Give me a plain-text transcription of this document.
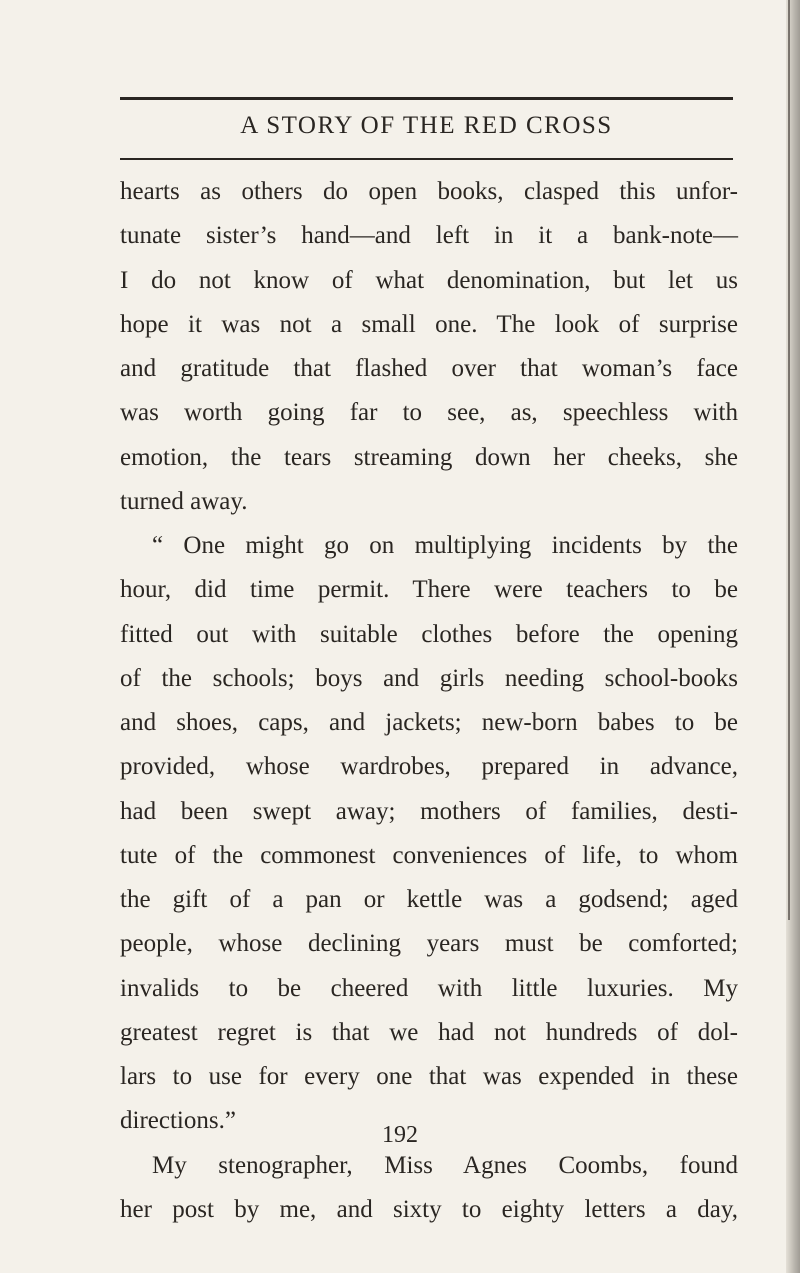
A STORY OF THE RED CROSS
hearts as others do open books, clasped this unfor-
tunate sister’s hand—and left in it a bank-note—
I do not know of what denomination, but let us
hope it was not a small one. The look of surprise
and gratitude that flashed over that woman’s face
was worth going far to see, as, speechless with
emotion, the tears streaming down her cheeks, she
turned away.
“ One might go on multiplying incidents by the
hour, did time permit. There were teachers to be
fitted out with suitable clothes before the opening
of the schools; boys and girls needing school-books
and shoes, caps, and jackets; new-born babes to be
provided, whose wardrobes, prepared in advance,
had been swept away; mothers of families, desti-
tute of the commonest conveniences of life, to whom
the gift of a pan or kettle was a godsend; aged
people, whose declining years must be comforted;
invalids to be cheered with little luxuries. My
greatest regret is that we had not hundreds of dol-
lars to use for every one that was expended in these
directions.”
My stenographer, Miss Agnes Coombs, found
her post by me, and sixty to eighty letters a day,
192
